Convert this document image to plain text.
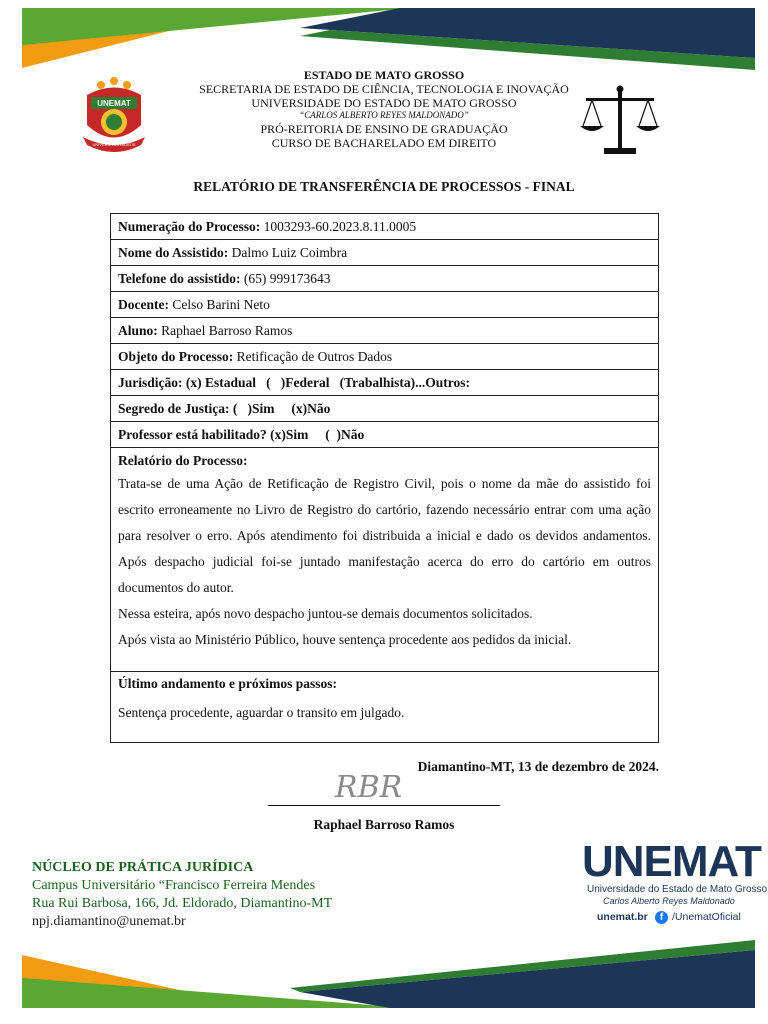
UNEMAT
UNIVERSITAS DIDATIS
ESTADO DE MATO GROSSO
SECRETARIA DE ESTADO DE CIÊNCIA, TECNOLOGIA E INOVAÇÃO
UNIVERSIDADE DO ESTADO DE MATO GROSSO
“CARLOS ALBERTO REYES MALDONADO”
PRÓ-REITORIA DE ENSINO DE GRADUAÇÃO
CURSO DE BACHARELADO EM DIREITO
RELATÓRIO DE TRANSFERÊNCIA DE PROCESSOS - FINAL
Numeração do Processo: 1003293-60.2023.8.11.0005
Nome do Assistido: Dalmo Luiz Coimbra
Telefone do assistido: (65) 999173643
Docente: Celso Barini Neto
Aluno: Raphael Barroso Ramos
Objeto do Processo: Retificação de Outros Dados
Jurisdição: (x) Estadual   (   )Federal   (Trabalhista)...Outros:
Segredo de Justiça: (   )Sim     (x)Não
Professor está habilitado? (x)Sim     (  )Não

Relatório do Processo:

Trata-se de uma Ação de Retificação de Registro Civil, pois o nome da mãe do assistido foi escrito erroneamente no Livro de Registro do cartório, fazendo necessário entrar com uma ação para resolver o erro. Após atendimento foi distribuida a inicial e dado os devidos andamentos. Após despacho judicial foi-se juntado manifestação acerca do erro do cartório em outros documentos do autor.

Nessa esteira, após novo despacho juntou-se demais documentos solicitados.

Após vista ao Ministério Público, houve sentença procedente aos pedidos da inicial.

Último andamento e próximos passos:
Sentença procedente, aguardar o transito em julgado.
Diamantino-MT, 13 de dezembro de 2024.
RBR
Raphael Barroso Ramos
NÚCLEO DE PRÁTICA JURÍDICA
Campus Universitário “Francisco Ferreira Mendes
Rua Rui Barbosa, 166, Jd. Eldorado, Diamantino-MT
npj.diamantino@unemat.br
UNEMAT
Universidade do Estado de Mato Grosso
Carlos Alberto Reyes Maldonado
unemat.br	f /UnematOficial
